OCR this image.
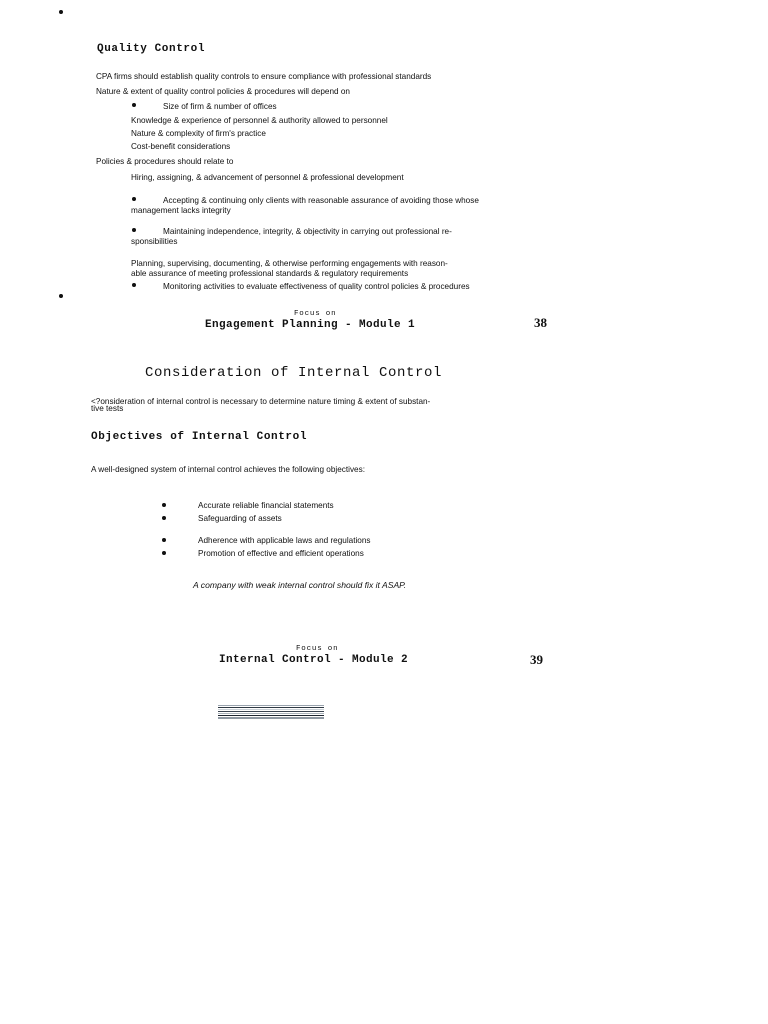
Quality Control
CPA firms should establish quality controls to ensure compliance with professional standards
Nature & extent of quality control policies & procedures will depend on
Size of firm & number of offices
Knowledge & experience of personnel & authority allowed to personnel
Nature & complexity of firm's practice
Cost-benefit considerations
Policies & procedures should relate to
Hiring, assigning, & advancement of personnel & professional development
Accepting & continuing only clients with reasonable assurance of avoiding those whose
management lacks integrity
Maintaining independence, integrity, & objectivity in carrying out professional re-
sponsibilities
Planning, supervising, documenting, & otherwise performing engagements with reason-
able assurance of meeting professional standards & regulatory requirements
Monitoring activities to evaluate effectiveness of quality control policies & procedures
Focus on
Engagement Planning - Module 1	38
Consideration of Internal Control
<?onsideration of internal control is necessary to determine nature timing & extent of substan-
tive tests
Objectives of Internal Control
A well-designed system of internal control achieves the following objectives:
Accurate reliable financial statements
Safeguarding of assets
Adherence with applicable laws and regulations
Promotion of effective and efficient operations
A company with weak internal control should fix it ASAP.
Focus on
Internal Control - Module 2	39
